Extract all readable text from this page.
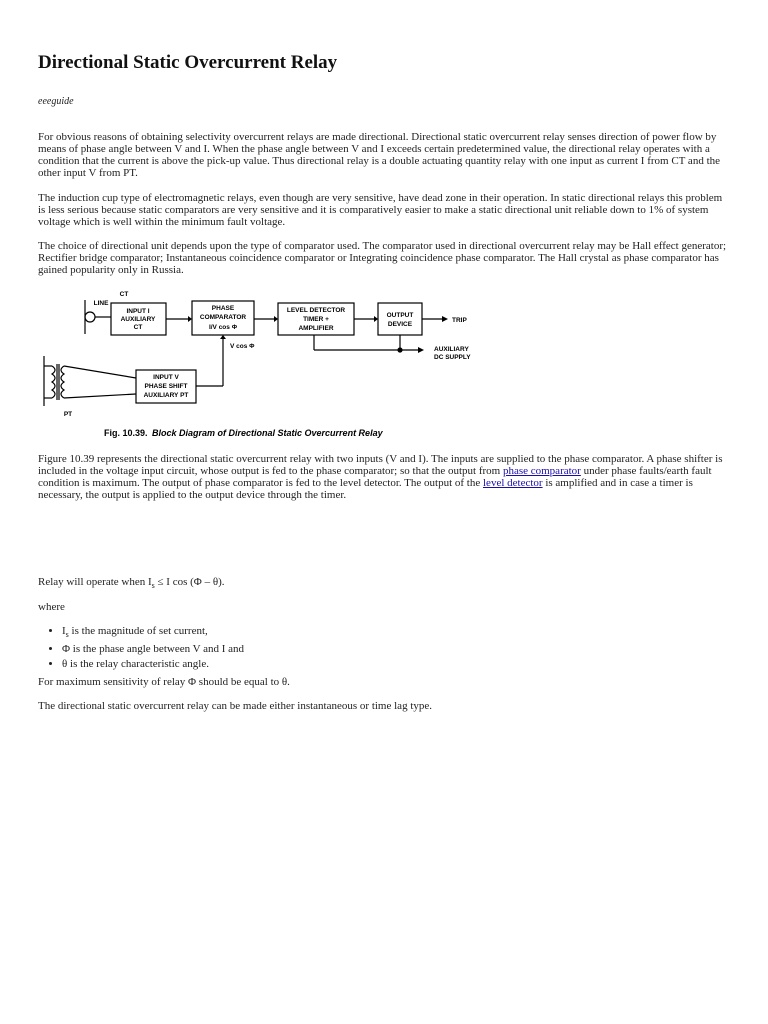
Directional Static Overcurrent Relay
eeeguide

For obvious reasons of obtaining selectivity overcurrent relays are made directional. Directional static overcurrent relay senses direction of power flow by means of phase angle between V and I. When the phase angle between V and I exceeds certain predetermined value, the directional relay operates with a condition that the current is above the pick-up value. Thus directional relay is a double actuating quantity relay with one input as current I from CT and the other input V from PT.

The induction cup type of electromagnetic relays, even though are very sensitive, have dead zone in their operation. In static directional relays this problem is less serious because static comparators are very sensitive and it is comparatively easier to make a static directional unit reliable down to 1% of system voltage which is well within the minimum fault voltage.

The choice of directional unit depends upon the type of comparator used. The comparator used in directional overcurrent relay may be Hall effect generator; Rectifier bridge comparator; Instantaneous coincidence comparator or Integrating coincidence phase comparator. The Hall crystal as phase comparator has gained popularity only in Russia.

CT
LINE
PT
INPUT I
AUXILIARY
CT
PHASE
COMPARATOR
I/V cos Φ
LEVEL DETECTOR
TIMER +
AMPLIFIER
OUTPUT
DEVICE
INPUT V
PHASE SHIFT
AUXILIARY PT
TRIP
V cos Φ	AUXILIARY
DC SUPPLY
Fig. 10.39. Block Diagram of Directional Static Overcurrent Relay

Figure 10.39 represents the directional static overcurrent relay with two inputs (V and I). The inputs are supplied to the phase comparator. A phase shifter is included in the voltage input circuit, whose output is fed to the phase comparator; so that the output from phase comparator under phase faults/earth fault condition is maximum. The output of phase comparator is fed to the level detector. The output of the level detector is amplified and in case a timer is necessary, the output is applied to the output device through the timer.

Relay will operate when $I_s \le I$ cos (Φ – θ).

where

• $I_s$ is the magnitude of set current,
• Φ is the phase angle between V and I and
• θ is the relay characteristic angle.

For maximum sensitivity of relay Φ should be equal to θ.

The directional static overcurrent relay can be made either instantaneous or time lag type.
